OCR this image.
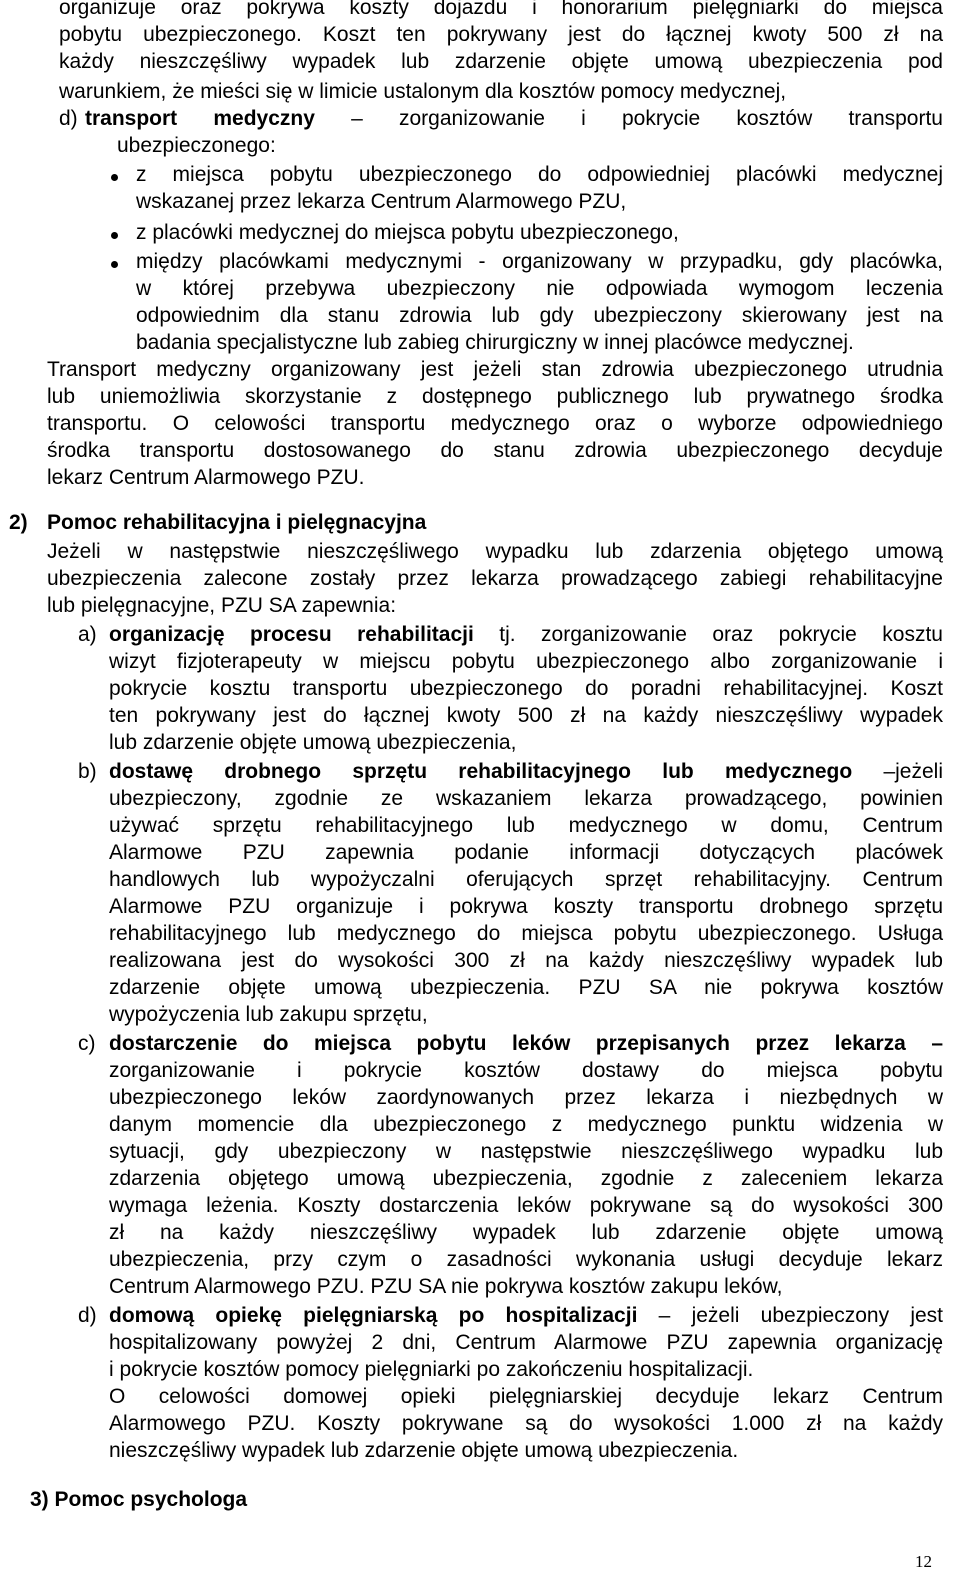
organizuje oraz pokrywa koszty dojazdu i honorarium pielęgniarki do miejsca
pobytu ubezpieczonego. Koszt ten pokrywany jest do łącznej kwoty 500 zł na
każdy nieszczęśliwy wypadek lub zdarzenie objęte umową ubezpieczenia pod
warunkiem, że mieści się w limicie ustalonym dla kosztów pomocy medycznej,
d) transport medyczny – zorganizowanie i pokrycie kosztów transportu
ubezpieczonego:
z miejsca pobytu ubezpieczonego do odpowiedniej placówki medycznej
wskazanej przez lekarza Centrum Alarmowego PZU,
z placówki medycznej do miejsca pobytu ubezpieczonego,
między placówkami medycznymi - organizowany w przypadku, gdy placówka,
w której przebywa ubezpieczony nie odpowiada wymogom leczenia
odpowiednim dla stanu zdrowia lub gdy ubezpieczony skierowany jest na
badania specjalistyczne lub zabieg chirurgiczny w innej placówce medycznej.
Transport medyczny organizowany jest jeżeli stan zdrowia ubezpieczonego utrudnia
lub uniemożliwia skorzystanie z dostępnego publicznego lub prywatnego środka
transportu. O celowości transportu medycznego oraz o wyborze odpowiedniego
środka transportu dostosowanego do stanu zdrowia ubezpieczonego decyduje
lekarz Centrum Alarmowego PZU.
2) Pomoc rehabilitacyjna i pielęgnacyjna
Jeżeli w następstwie nieszczęśliwego wypadku lub zdarzenia objętego umową
ubezpieczenia zalecone zostały przez lekarza prowadzącego zabiegi rehabilitacyjne
lub pielęgnacyjne, PZU SA zapewnia:
a) organizację procesu rehabilitacji tj. zorganizowanie oraz pokrycie kosztu
wizyt fizjoterapeuty w miejscu pobytu ubezpieczonego albo zorganizowanie i
pokrycie kosztu transportu ubezpieczonego do poradni rehabilitacyjnej. Koszt
ten pokrywany jest do łącznej kwoty 500 zł na każdy nieszczęśliwy wypadek
lub zdarzenie objęte umową ubezpieczenia,
b) dostawę drobnego sprzętu rehabilitacyjnego lub medycznego –jeżeli
ubezpieczony, zgodnie ze wskazaniem lekarza prowadzącego, powinien
używać sprzętu rehabilitacyjnego lub medycznego w domu, Centrum
Alarmowe PZU zapewnia podanie informacji dotyczących placówek
handlowych lub wypożyczalni oferujących sprzęt rehabilitacyjny. Centrum
Alarmowe PZU organizuje i pokrywa koszty transportu drobnego sprzętu
rehabilitacyjnego lub medycznego do miejsca pobytu ubezpieczonego. Usługa
realizowana jest do wysokości 300 zł na każdy nieszczęśliwy wypadek lub
zdarzenie objęte umową ubezpieczenia. PZU SA nie pokrywa kosztów
wypożyczenia lub zakupu sprzętu,
c) dostarczenie do miejsca pobytu leków przepisanych przez lekarza –
zorganizowanie i pokrycie kosztów dostawy do miejsca pobytu
ubezpieczonego leków zaordynowanych przez lekarza i niezbędnych w
danym momencie dla ubezpieczonego z medycznego punktu widzenia w
sytuacji, gdy ubezpieczony w następstwie nieszczęśliwego wypadku lub
zdarzenia objętego umową ubezpieczenia, zgodnie z zaleceniem lekarza
wymaga leżenia. Koszty dostarczenia leków pokrywane są do wysokości 300
zł na każdy nieszczęśliwy wypadek lub zdarzenie objęte umową
ubezpieczenia, przy czym o zasadności wykonania usługi decyduje lekarz
Centrum Alarmowego PZU. PZU SA nie pokrywa kosztów zakupu leków,
d) domową opiekę pielęgniarską po hospitalizacji – jeżeli ubezpieczony jest
hospitalizowany powyżej 2 dni, Centrum Alarmowe PZU zapewnia organizację
i pokrycie kosztów pomocy pielęgniarki po zakończeniu hospitalizacji.
O celowości domowej opieki pielęgniarskiej decyduje lekarz Centrum
Alarmowego PZU. Koszty pokrywane są do wysokości 1.000 zł na każdy
nieszczęśliwy wypadek lub zdarzenie objęte umową ubezpieczenia.
3) Pomoc psychologa
12
